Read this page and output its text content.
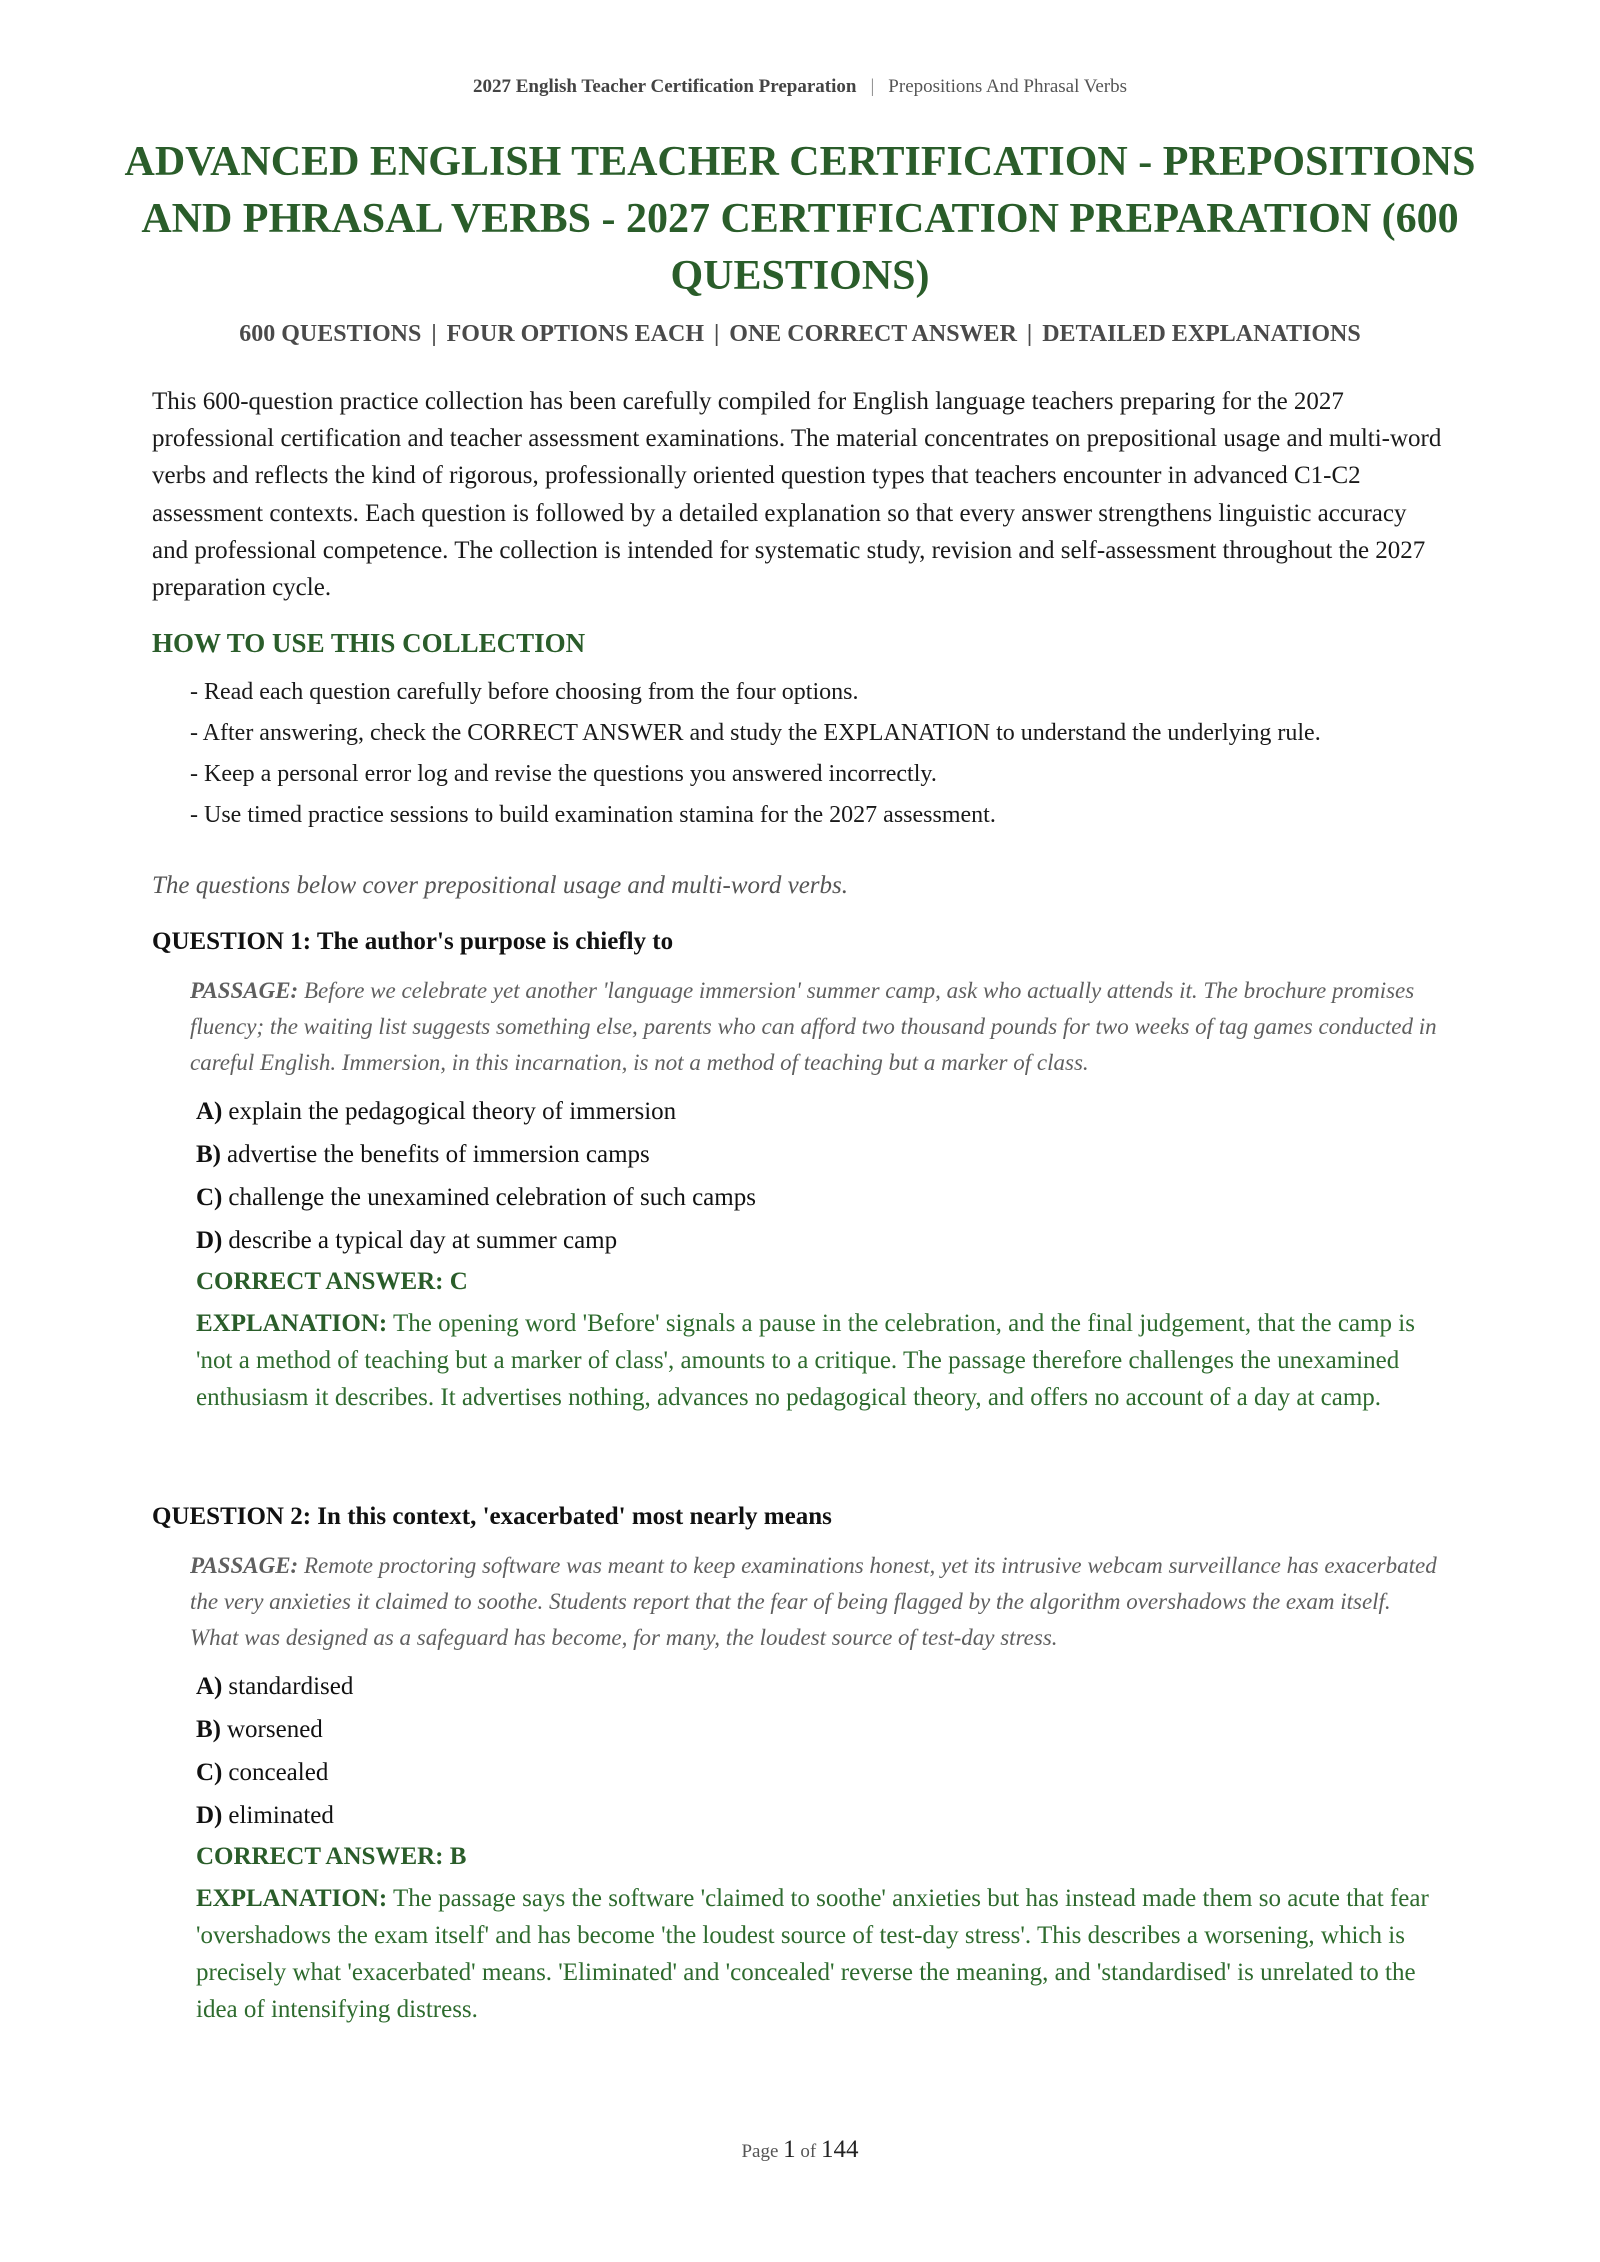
2027 English Teacher Certification Preparation | Prepositions And Phrasal Verbs
ADVANCED ENGLISH TEACHER CERTIFICATION - PREPOSITIONS AND PHRASAL VERBS - 2027 CERTIFICATION PREPARATION (600 QUESTIONS)
600 QUESTIONS | FOUR OPTIONS EACH | ONE CORRECT ANSWER | DETAILED EXPLANATIONS

This 600-question practice collection has been carefully compiled for English language teachers preparing for the 2027 professional certification and teacher assessment examinations. The material concentrates on prepositional usage and multi-word verbs and reflects the kind of rigorous, professionally oriented question types that teachers encounter in advanced C1-C2 assessment contexts. Each question is followed by a detailed explanation so that every answer strengthens linguistic accuracy and professional competence. The collection is intended for systematic study, revision and self-assessment throughout the 2027 preparation cycle.

HOW TO USE THIS COLLECTION
- Read each question carefully before choosing from the four options.
- After answering, check the CORRECT ANSWER and study the EXPLANATION to understand the underlying rule.
- Keep a personal error log and revise the questions you answered incorrectly.
- Use timed practice sessions to build examination stamina for the 2027 assessment.

The questions below cover prepositional usage and multi-word verbs.

QUESTION 1: The author's purpose is chiefly to

PASSAGE: Before we celebrate yet another 'language immersion' summer camp, ask who actually attends it. The brochure promises fluency; the waiting list suggests something else, parents who can afford two thousand pounds for two weeks of tag games conducted in careful English. Immersion, in this incarnation, is not a method of teaching but a marker of class.
A) explain the pedagogical theory of immersion
B) advertise the benefits of immersion camps
C) challenge the unexamined celebration of such camps
D) describe a typical day at summer camp
CORRECT ANSWER: C
EXPLANATION: The opening word 'Before' signals a pause in the celebration, and the final judgement, that the camp is 'not a method of teaching but a marker of class', amounts to a critique. The passage therefore challenges the unexamined enthusiasm it describes. It advertises nothing, advances no pedagogical theory, and offers no account of a day at camp.

QUESTION 2: In this context, 'exacerbated' most nearly means

PASSAGE: Remote proctoring software was meant to keep examinations honest, yet its intrusive webcam surveillance has exacerbated the very anxieties it claimed to soothe. Students report that the fear of being flagged by the algorithm overshadows the exam itself. What was designed as a safeguard has become, for many, the loudest source of test-day stress.
A) standardised
B) worsened
C) concealed
D) eliminated
CORRECT ANSWER: B
EXPLANATION: The passage says the software 'claimed to soothe' anxieties but has instead made them so acute that fear 'overshadows the exam itself' and has become 'the loudest source of test-day stress'. This describes a worsening, which is precisely what 'exacerbated' means. 'Eliminated' and 'concealed' reverse the meaning, and 'standardised' is unrelated to the idea of intensifying distress.
Page 1 of 144
